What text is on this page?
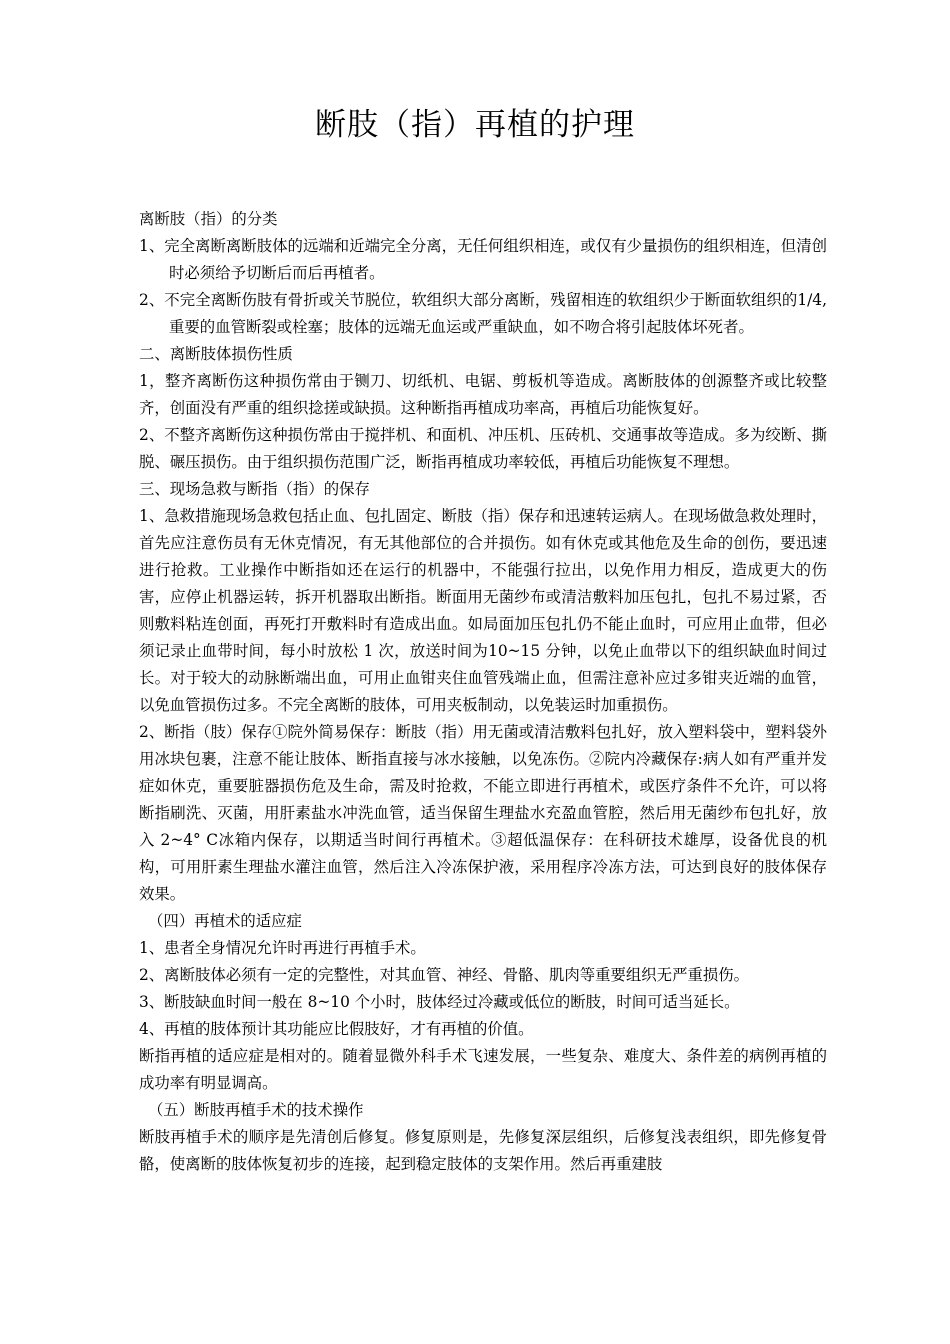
断肢（指）再植的护理

离断肢（指）的分类

1、完全离断离断肢体的远端和近端完全分离，无任何组织相连，或仅有少量损伤的组织相连，但清创时必须给予切断后而后再植者。

2、不完全离断伤肢有骨折或关节脱位，软组织大部分离断，残留相连的软组织少于断面软组织的1/4,重要的血管断裂或栓塞；肢体的远端无血运或严重缺血，如不吻合将引起肢体坏死者。

二、离断肢体损伤性质

1，整齐离断伤这种损伤常由于铡刀、切纸机、电锯、剪板机等造成。离断肢体的创源整齐或比较整齐，创面没有严重的组织捻搓或缺损。这种断指再植成功率高，再植后功能恢复好。

2、不整齐离断伤这种损伤常由于搅拌机、和面机、冲压机、压砖机、交通事故等造成。多为绞断、撕脱、碾压损伤。由于组织损伤范围广泛，断指再植成功率较低，再植后功能恢复不理想。

三、现场急救与断指（指）的保存

1、急救措施现场急救包括止血、包扎固定、断肢（指）保存和迅速转运病人。在现场做急救处理时，首先应注意伤员有无休克情况，有无其他部位的合并损伤。如有休克或其他危及生命的创伤，要迅速进行抢救。工业操作中断指如还在运行的机器中，不能强行拉出，以免作用力相反，造成更大的伤害，应停止机器运转，拆开机器取出断指。断面用无菌纱布或清洁敷料加压包扎，包扎不易过紧，否则敷料粘连创面，再死打开敷料时有造成出血。如局面加压包扎仍不能止血时，可应用止血带，但必须记录止血带时间，每小时放松 1 次，放送时间为10~15 分钟，以免止血带以下的组织缺血时间过长。对于较大的动脉断端出血，可用止血钳夹住血管残端止血，但需注意补应过多钳夹近端的血管，以免血管损伤过多。不完全离断的肢体，可用夹板制动，以免装运时加重损伤。

2、断指（肢）保存①院外简易保存：断肢（指）用无菌或清洁敷料包扎好，放入塑料袋中，塑料袋外用冰块包裹，注意不能让肢体、断指直接与冰水接触，以免冻伤。②院内冷藏保存:病人如有严重并发症如休克，重要脏器损伤危及生命，需及时抢救，不能立即进行再植术，或医疗条件不允许，可以将断指刷洗、灭菌，用肝素盐水冲洗血管，适当保留生理盐水充盈血管腔，然后用无菌纱布包扎好，放入 2~4° C冰箱内保存，以期适当时间行再植术。③超低温保存：在科研技术雄厚，设备优良的机构，可用肝素生理盐水灌注血管，然后注入冷冻保护液，采用程序冷冻方法，可达到良好的肢体保存效果。

（四）再植术的适应症

1、患者全身情况允许时再进行再植手术。

2、离断肢体必须有一定的完整性，对其血管、神经、骨骼、肌肉等重要组织无严重损伤。

3、断肢缺血时间一般在 8~10 个小时，肢体经过冷藏或低位的断肢，时间可适当延长。

4、再植的肢体预计其功能应比假肢好，才有再植的价值。

断指再植的适应症是相对的。随着显微外科手术飞速发展，一些复杂、难度大、条件差的病例再植的成功率有明显调高。

（五）断肢再植手术的技术操作

断肢再植手术的顺序是先清创后修复。修复原则是，先修复深层组织，后修复浅表组织，即先修复骨骼，使离断的肢体恢复初步的连接，起到稳定肢体的支架作用。然后再重建肢
